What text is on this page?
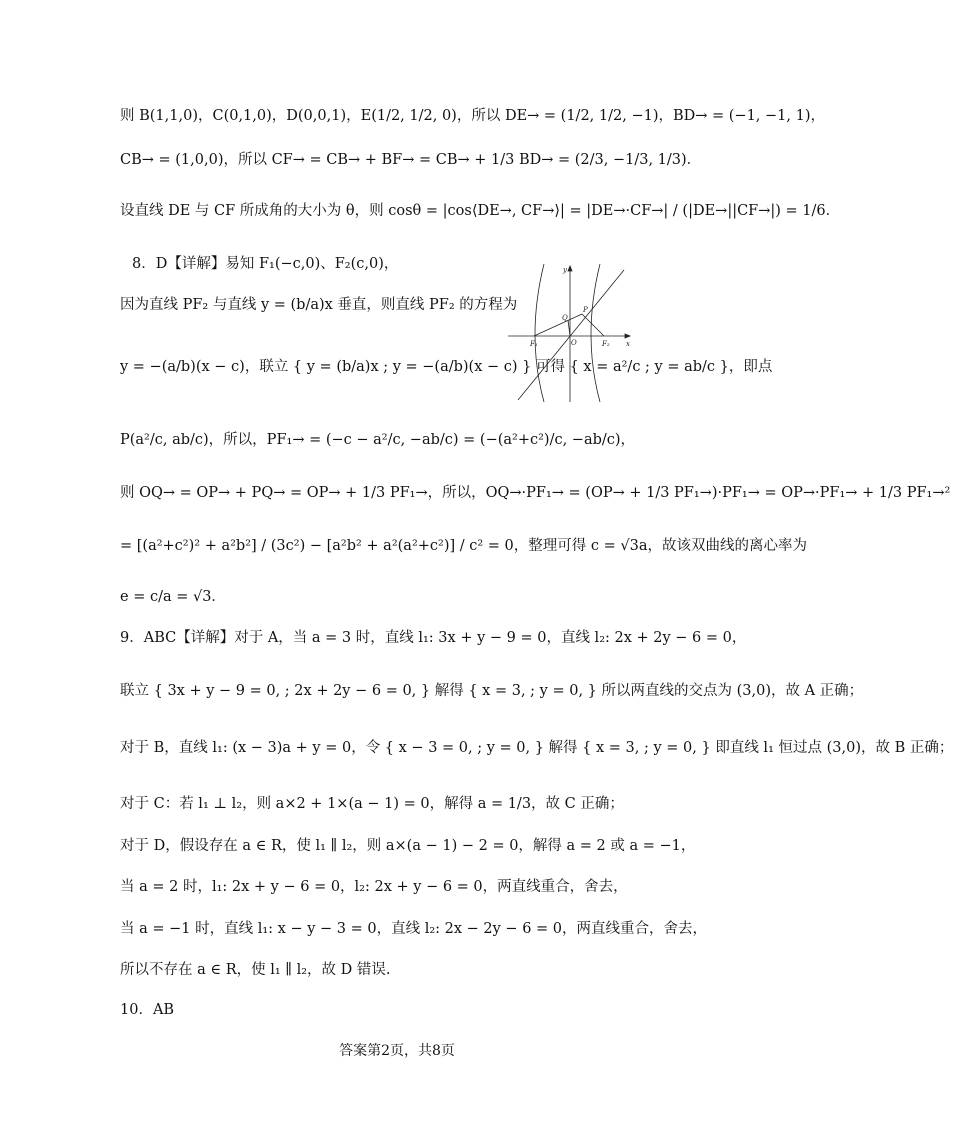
则 B(1,1,0)，C(0,1,0)，D(0,0,1)，E(1/2, 1/2, 0)，所以 DE→ = (1/2, 1/2, −1)，BD→ = (−1, −1, 1)，
CB→ = (1,0,0)，所以 CF→ = CB→ + BF→ = CB→ + 1/3 BD→ = (2/3, −1/3, 1/3)．
设直线 DE 与 CF 所成角的大小为 θ，则 cosθ = |cos⟨DE→, CF→⟩| = |DE→·CF→| / (|DE→||CF→|) = 1/6．
8．D【详解】易知 F₁(−c,0)、F₂(c,0)，
因为直线 PF₂ 与直线 y = (b/a)x 垂直，则直线 PF₂ 的方程为
y = −(a/b)(x − c)，联立 { y = (b/a)x ; y = −(a/b)(x − c) } 可得 { x = a²/c ; y = ab/c }，即点
P(a²/c, ab/c)，所以，PF₁→ = (−c − a²/c, −ab/c) = (−(a²+c²)/c, −ab/c)，
则 OQ→ = OP→ + PQ→ = OP→ + 1/3 PF₁→，所以，OQ→·PF₁→ = (OP→ + 1/3 PF₁→)·PF₁→ = OP→·PF₁→ + 1/3 PF₁→²
= [(a²+c²)² + a²b²] / (3c²) − [a²b² + a²(a²+c²)] / c² = 0，整理可得 c = √3a，故该双曲线的离心率为
e = c/a = √3．
9．ABC【详解】对于 A，当 a = 3 时，直线 l₁: 3x + y − 9 = 0，直线 l₂: 2x + 2y − 6 = 0，
联立 { 3x + y − 9 = 0, ; 2x + 2y − 6 = 0, } 解得 { x = 3, ; y = 0, } 所以两直线的交点为 (3,0)，故 A 正确；
对于 B，直线 l₁: (x − 3)a + y = 0，令 { x − 3 = 0, ; y = 0, } 解得 { x = 3, ; y = 0, } 即直线 l₁ 恒过点 (3,0)，故 B 正确；
对于 C：若 l₁ ⊥ l₂，则 a×2 + 1×(a − 1) = 0，解得 a = 1/3，故 C 正确；
对于 D，假设存在 a ∈ R，使 l₁ ∥ l₂，则 a×(a − 1) − 2 = 0，解得 a = 2 或 a = −1，
当 a = 2 时，l₁: 2x + y − 6 = 0，l₂: 2x + y − 6 = 0，两直线重合，舍去，
当 a = −1 时，直线 l₁: x − y − 3 = 0，直线 l₂: 2x − 2y − 6 = 0，两直线重合，舍去，
所以不存在 a ∈ R，使 l₁ ∥ l₂，故 D 错误.
10．AB
y
x
F₁	F₂
O
P
Q
答案第2页，共8页
